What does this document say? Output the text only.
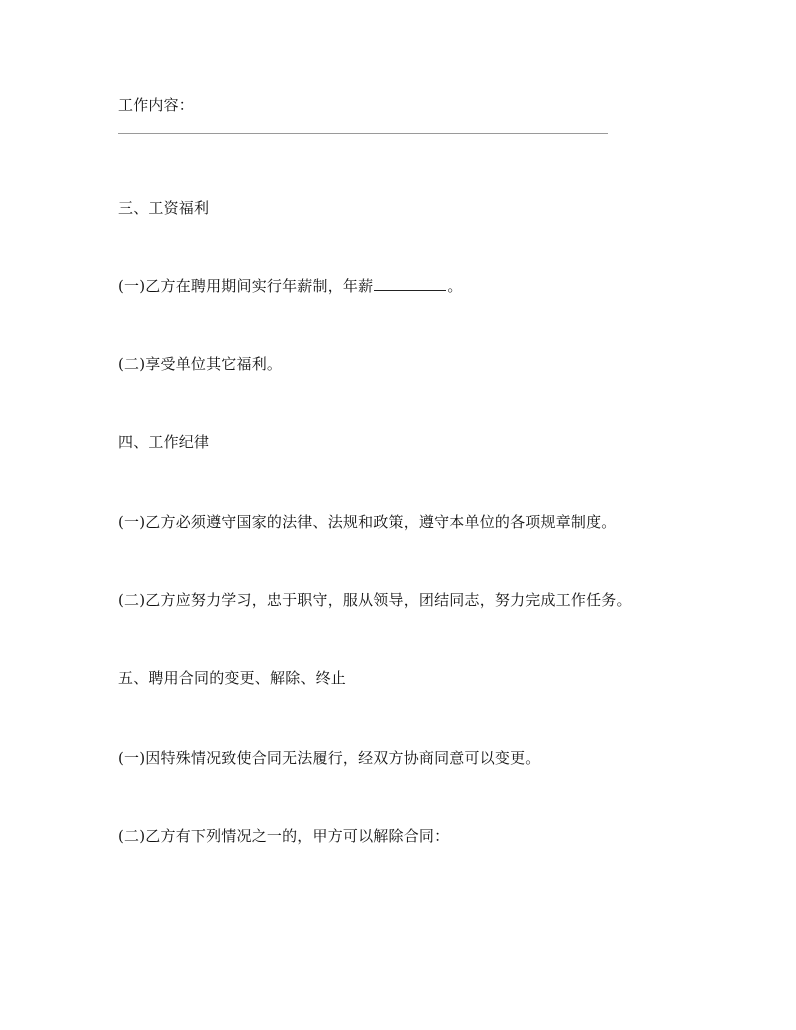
工作内容：
三、工资福利
(一)乙方在聘用期间实行年薪制，年薪	。
(二)享受单位其它福利。
四、工作纪律
(一)乙方必须遵守国家的法律、法规和政策，遵守本单位的各项规章制度。
(二)乙方应努力学习，忠于职守，服从领导，团结同志，努力完成工作任务。
五、聘用合同的变更、解除、终止
(一)因特殊情况致使合同无法履行，经双方协商同意可以变更。
(二)乙方有下列情况之一的，甲方可以解除合同：
